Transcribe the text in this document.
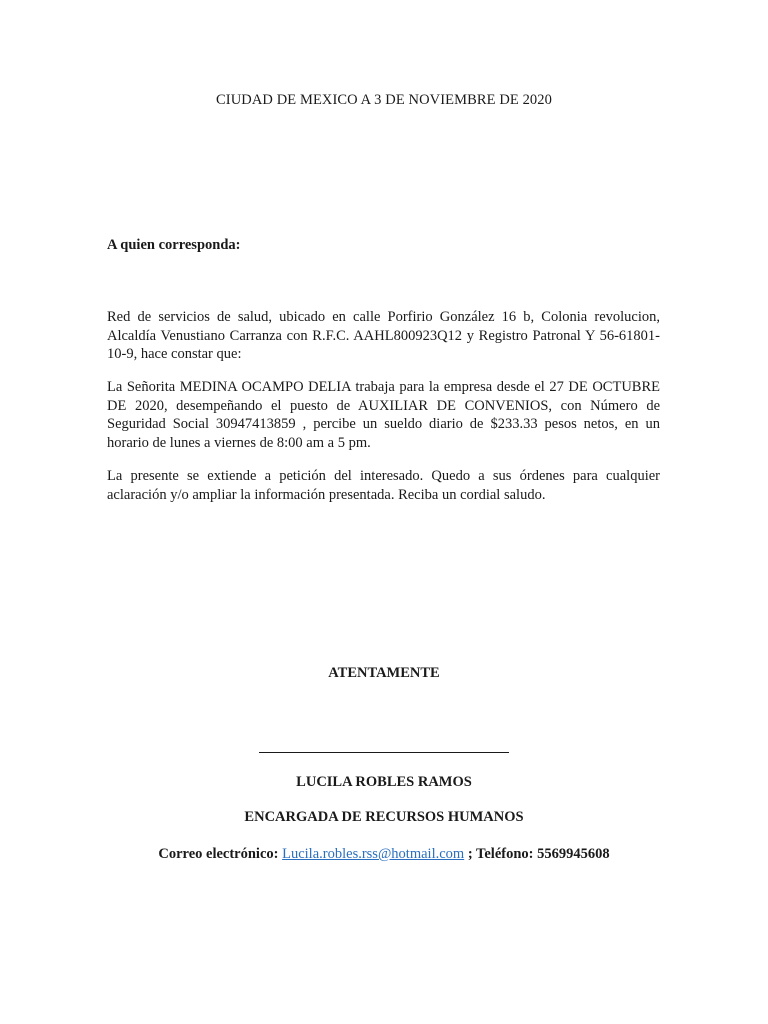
CIUDAD DE MEXICO A 3 DE NOVIEMBRE DE 2020
A quien corresponda:

Red de servicios de salud, ubicado en calle Porfirio González 16 b, Colonia revolucion, Alcaldía Venustiano Carranza con R.F.C. AAHL800923Q12 y Registro Patronal Y 56-61801-10-9, hace constar que:

La Señorita MEDINA OCAMPO DELIA trabaja para la empresa desde el 27 DE OCTUBRE DE 2020, desempeñando el puesto de AUXILIAR DE CONVENIOS, con Número de Seguridad Social 30947413859 , percibe un sueldo diario de $233.33 pesos netos, en un horario de lunes a viernes de 8:00 am a 5 pm.

La presente se extiende a petición del interesado. Quedo a sus órdenes para cualquier aclaración y/o ampliar la información presentada. Reciba un cordial saludo.

ATENTAMENTE
LUCILA ROBLES RAMOS
ENCARGADA DE RECURSOS HUMANOS
Correo electrónico: Lucila.robles.rss@hotmail.com ; Teléfono: 5569945608
